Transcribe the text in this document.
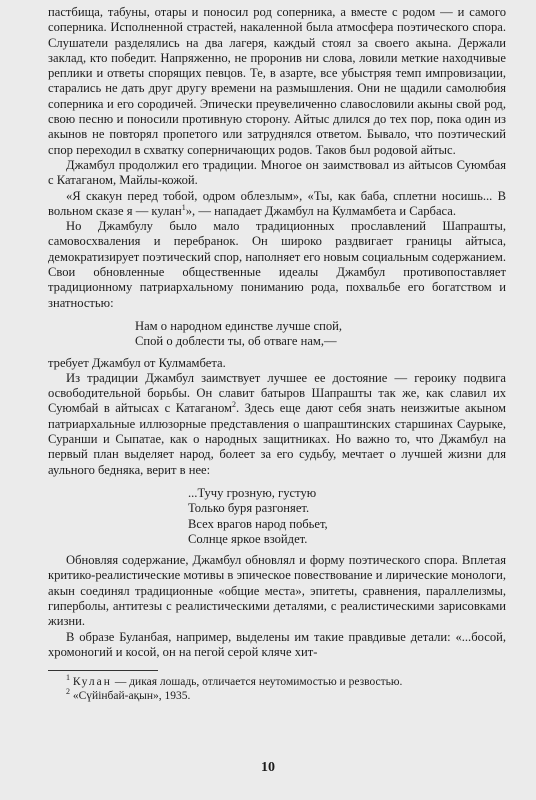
пастбища, табуны, отары и поносил род соперника, а вместе с родом — и самого соперника. Исполненной страстей, накаленной была атмосфера поэтического спора. Слушатели разделялись на два лагеря, каждый стоял за своего акына. Держали заклад, кто победит. Напряженно, не проронив ни слова, ловили меткие находчивые реплики и ответы спорящих певцов. Те, в азарте, все убыстряя темп импровизации, старались не дать друг другу времени на размышления. Они не щадили самолюбия соперника и его сородичей. Эпически преувеличенно славословили акыны свой род, свою песню и поносили противную сторону. Айтыс длился до тех пор, пока один из акынов не повторял пропетого или затруднялся ответом. Бывало, что поэтический спор переходил в схватку соперничающих родов. Таков был родовой айтыс.

Джамбул продолжил его традиции. Многое он заимствовал из айтысов Суюмбая с Катаганом, Майлы-кожой.

«Я скакун перед тобой, одром облезлым», «Ты, как баба, сплетни носишь... В вольном сказе я — кулан$^1$», — нападает Джамбул на Кулмамбета и Сарбаса.

Но Джамбулу было мало традиционных прославлений Шапрашты, самовосхваления и перебранок. Он широко раздвигает границы айтыса, демократизирует поэтический спор, наполняет его новым социальным содержанием. Свои обновленные общественные идеалы Джамбул противопоставляет традиционному патриархальному пониманию рода, похвальбе его богатством и знатностью:

Нам о народном единстве лучше спой,
Спой о доблести ты, об отваге нам,—

требует Джамбул от Кулмамбета.

Из традиции Джамбул заимствует лучшее ее достояние — героику подвига освободительной борьбы. Он славит батыров Шапрашты так же, как славил их Суюмбай в айтысах с Катаганом$^2$. Здесь еще дают себя знать неизжитые акыном патриархальные иллюзорные представления о шапраштинских старшинах Саурыке, Суранши и Сыпатае, как о народных защитниках. Но важно то, что Джамбул на первый план выделяет народ, болеет за его судьбу, мечтает о лучшей жизни для аульного бедняка, верит в нее:

...Тучу грозную, густую
Только буря разгоняет.
Всех врагов народ побьет,
Солнце яркое взойдет.

Обновляя содержание, Джамбул обновлял и форму поэтического спора. Вплетая критико-реалистические мотивы в эпическое повествование и лирические монологи, акын соединял традиционные «общие места», эпитеты, сравнения, параллелизмы, гиперболы, антитезы с реалистическими деталями, с реалистическими зарисовками жизни.

В образе Буланбая, например, выделены им такие правдивые детали: «...босой, хромоногий и косой, он на пегой серой кляче хит-

$^1$ Кулан — дикая лошадь, отличается неутомимостью и резвостью.

$^2$ «Сүйінбай-ақын», 1935.

10
